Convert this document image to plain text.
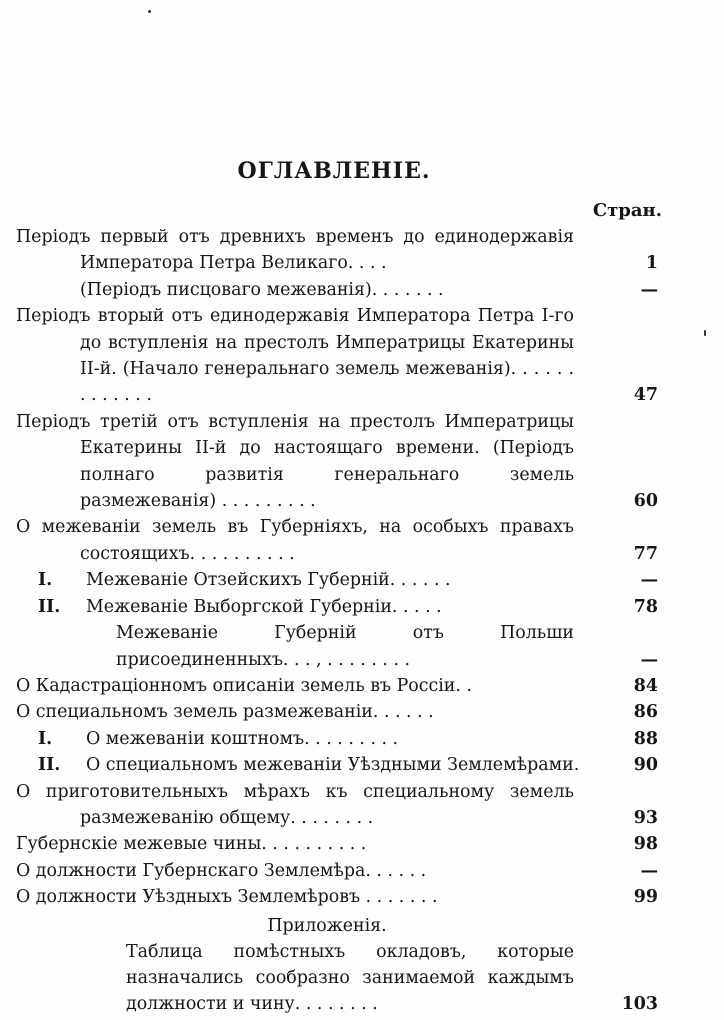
ОГЛАВЛЕНIЕ.
Стран.
Перiодъ первый отъ древнихъ временъ до единодержавiя Императора Петра Великаго. . . .	1
(Перiодъ писцоваго межеванiя). . . . . . .	—
Перiодъ вторый отъ единодержавiя Императора Петра I-го до вступленiя на престолъ Императрицы Екатерины II-й. (Начало генеральнаго земель межеванiя). . . . . . . . . . . . .	47
Перiодъ третiй отъ вступленiя на престолъ Императрицы Екатерины II-й до настоящаго времени. (Перiодъ полнаго развитiя генеральнаго земель размежеванiя) . . . . . . . . .	60
О межеванiи земель въ Губернiяхъ, на особыхъ правахъ состоящихъ. . . . . . . . . .	77
I. Межеванiе Отзейскихъ Губернiй. . . . . .	—
II. Межеванiе Выборгской Губернiи. . . . .	78
Межеванiе Губернiй отъ Польши присоединенныхъ. . . , . . . . . . . .	—
О Кадастрацiонномъ описанiи земель въ Россiи. .	84
О специальномъ земель размежеванiи. . . . . .	86
I. О межеванiи коштномъ. . . . . . . . .	88
II. О специальномъ межеванiи Уѣздными Землемѣрами.	90
О приготовительныхъ мѣрахъ къ специальному земель размежеванiю общему. . . . . . . .	93
Губернскiе межевые чины. . . . . . . . . .	98
О должности Губернскаго Землемѣра. . . . . .	—
О должности Уѣздныхъ Землемѣровъ . . . . . . .	99
Приложенiя.
Таблица помѣстныхъ окладовъ, которые назначались сообразно занимаемой каждымъ должности и чину. . . . . . . .	103
